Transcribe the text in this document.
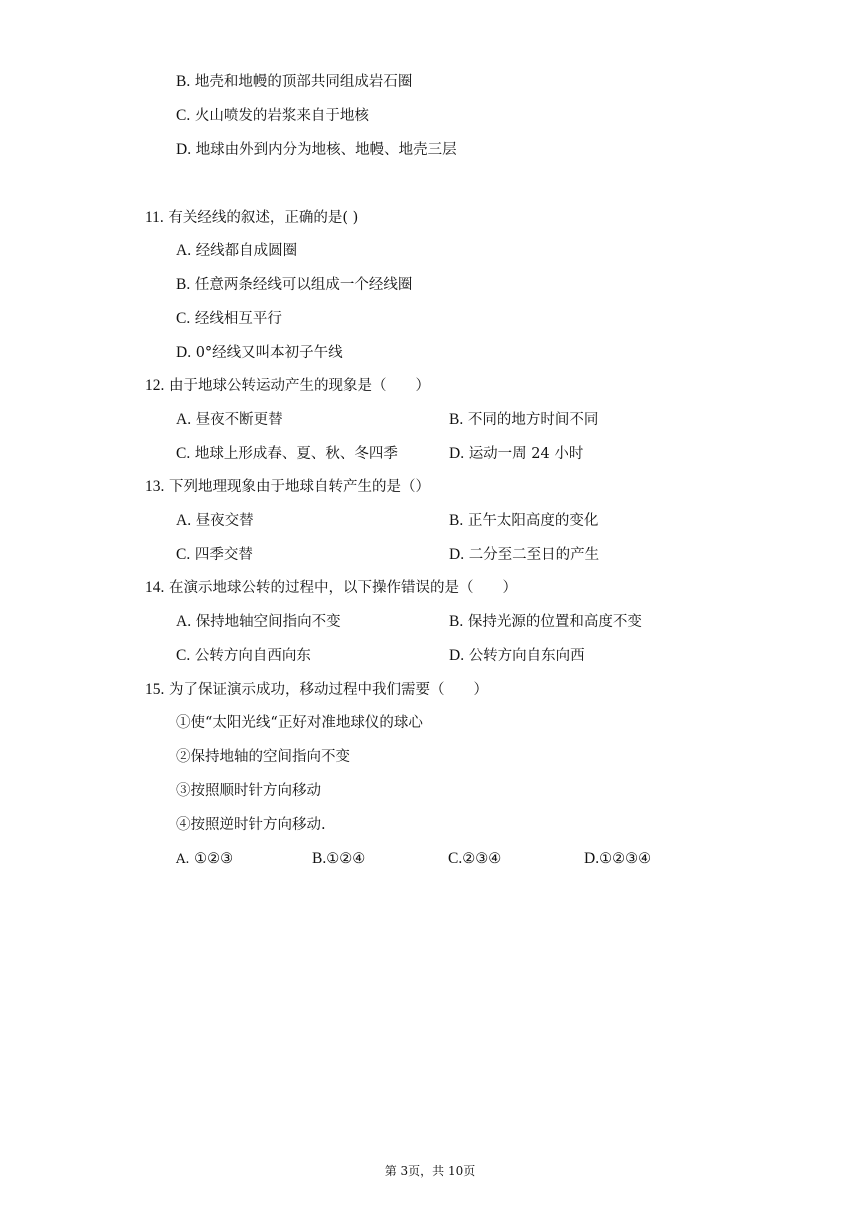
B. 地壳和地幔的顶部共同组成岩石圈
C. 火山喷发的岩浆来自于地核
D. 地球由外到内分为地核、地幔、地壳三层
11. 有关经线的叙述，正确的是( )
A. 经线都自成圆圈
B. 任意两条经线可以组成一个经线圈
C. 经线相互平行
D. 0°经线又叫本初子午线
12. 由于地球公转运动产生的现象是（　　）
A. 昼夜不断更替	B. 不同的地方时间不同
C. 地球上形成春、夏、秋、冬四季	D. 运动一周 24 小时
13. 下列地理现象由于地球自转产生的是（）
A. 昼夜交替	B. 正午太阳高度的变化
C. 四季交替	D. 二分至二至日的产生
14. 在演示地球公转的过程中，以下操作错误的是（　　）
A. 保持地轴空间指向不变	B. 保持光源的位置和高度不变
C. 公转方向自西向东	D. 公转方向自东向西
15. 为了保证演示成功，移动过程中我们需要（　　）
①使“太阳光线“正好对准地球仪的球心
②保持地轴的空间指向不变
③按照顺时针方向移动
④按照逆时针方向移动.
A. ①②③	B.①②④	C.②③④	D.①②③④
第 3页，共 10页
